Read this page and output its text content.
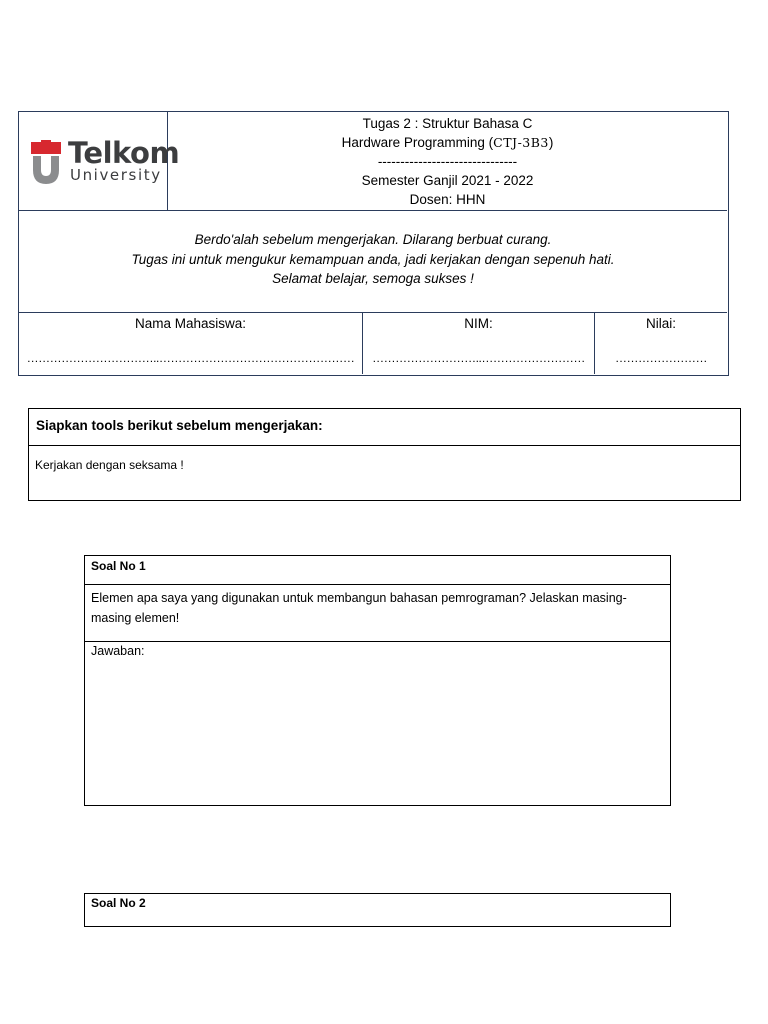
Telkom
University
Tugas 2 : Struktur Bahasa C
Hardware Programming (CTJ-3B3)
-------------------------------
Semester Ganjil 2021 - 2022
Dosen: HHN
Berdo'alah sebelum mengerjakan. Dilarang berbuat curang.
Tugas ini untuk mengukur kemampuan anda, jadi kerjakan dengan sepenuh hati.
Selamat belajar, semoga sukses !
Nama Mahasiswa:
……………………………..……………………………………………
NIM:
………………………..………………………
Nilai:
……………………
Siapkan tools berikut sebelum mengerjakan:
Kerjakan dengan seksama !
Soal No 1
Elemen apa saya yang digunakan untuk membangun bahasan pemrograman? Jelaskan masing-masing elemen!
Jawaban:
Soal No 2
